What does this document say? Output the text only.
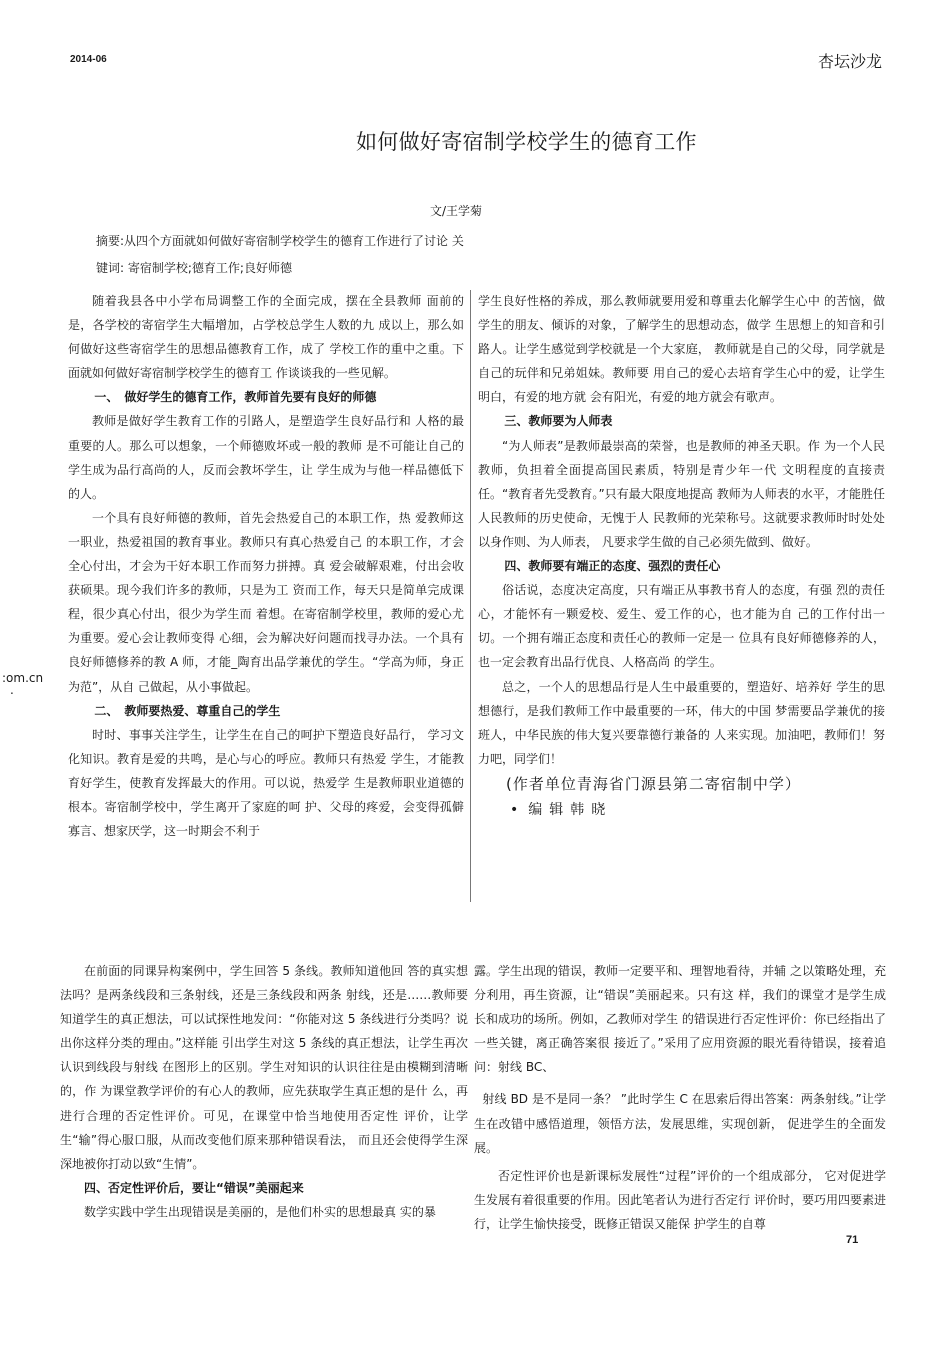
2014-06	杏坛沙龙
如何做好寄宿制学校学生的德育工作
文/王学菊
摘要:从四个方面就如何做好寄宿制学校学生的德育工作进行了讨论 关
键词: 寄宿制学校;德育工作;良好师德

随着我县各中小学布局调整工作的全面完成，摆在全县教师 面前的是，各学校的寄宿学生大幅增加，占学校总学生人数的九 成以上，那么如何做好这些寄宿学生的思想品德教育工作，成了 学校工作的重中之重。下面就如何做好寄宿制学校学生的德育工 作谈谈我的一些见解。

一、　做好学生的德育工作，教师首先要有良好的师德

教师是做好学生教育工作的引路人，是塑造学生良好品行和 人格的最重要的人。那么可以想象，一个师德败坏或一般的教师 是不可能让自己的学生成为品行高尚的人，反而会教坏学生，让 学生成为与他一样品德低下的人。

一个具有良好师德的教师，首先会热爱自己的本职工作，热 爱教师这一职业，热爱祖国的教育事业。教师只有真心热爱自己 的本职工作，才会全心付出，才会为干好本职工作而努力拼搏。真 爱会破解艰难，付出会收获硕果。现今我们许多的教师，只是为工 资而工作，每天只是简单完成课程，很少真心付出，很少为学生而 着想。在寄宿制学校里，教师的爱心尤为重要。爱心会让教师变得 心细，会为解决好问题而找寻办法。一个具有良好师德修养的教 A 师，才能_陶育出品学兼优的学生。“学高为师，身正为范”，从自 己做起，从小事做起。

二、　教师要热爱、尊重自己的学生

时时、事事关注学生，让学生在自己的呵护下塑造良好品行， 学习文化知识。教育是爱的共鸣，是心与心的呼应。教师只有热爱 学生，才能教育好学生，使教育发挥最大的作用。可以说，热爱学 生是教师职业道德的根本。寄宿制学校中，学生离开了家庭的呵 护、父母的疼爱，会变得孤僻寡言、想家厌学，这一时期会不利于

学生良好性格的养成，那么教师就要用爱和尊重去化解学生心中 的苦恼，做学生的朋友、倾诉的对象，了解学生的思想动态，做学 生思想上的知音和引路人。让学生感觉到学校就是一个大家庭， 教师就是自己的父母，同学就是自己的玩伴和兄弟姐妹。教师要 用自己的爱心去培育学生心中的爱，让学生明白，有爱的地方就 会有阳光，有爱的地方就会有歌声。

三、教师要为人师表

“为人师表”是教师最崇高的荣誉，也是教师的神圣天职。作 为一个人民教师，负担着全面提高国民素质，特别是青少年一代 文明程度的直接责任。“教育者先受教育。”只有最大限度地提高 教师为人师表的水平，才能胜任人民教师的历史使命，无愧于人 民教师的光荣称号。这就要求教师时时处处以身作则、为人师表， 凡要求学生做的自己必须先做到、做好。

四、教师要有端正的态度、强烈的责任心

俗话说，态度决定高度，只有端正从事教书育人的态度，有强 烈的责任心，才能怀有一颗爱校、爱生、爱工作的心，也才能为自 己的工作付出一切。一个拥有端正态度和责任心的教师一定是一 位具有良好师德修养的人，也一定会教育出品行优良、人格高尚 的学生。

总之，一个人的思想品行是人生中最重要的，塑造好、培养好 学生的思想德行，是我们教师工作中最重要的一环，伟大的中国 梦需要品学兼优的接班人，中华民族的伟大复兴要靠德行兼备的 人来实现。加油吧，教师们！努力吧，同学们！

(作者单位青海省门源县第二寄宿制中学）

• 编辑韩晓

:om.cn
.

在前面的同课异构案例中，学生回答 5 条线。教师知道他回 答的真实想法吗？是两条线段和三条射线，还是三条线段和两条 射线，还是……教师要知道学生的真正想法，可以试探性地发问：“你能对这 5 条线进行分类吗？说出你这样分类的理由。”这样能 引出学生对这 5 条线的真正想法，让学生再次认识到线段与射线 在图形上的区别。学生对知识的认识往往是由模糊到清晰的，作 为课堂教学评价的有心人的教师，应先获取学生真正想的是什 么，再进行合理的否定性评价。可见，在课堂中恰当地使用否定性 评价，让学生“输”得心服口服，从而改变他们原来那种错误看法， 而且还会使得学生深深地被你打动以致“生情”。

四、否定性评价后，要让“错误”美丽起来

数学实践中学生出现错误是美丽的，是他们朴实的思想最真 实的暴

露。学生出现的错误，教师一定要平和、理智地看待，并辅 之以策略处理，充分利用，再生资源，让“错误”美丽起来。只有这 样，我们的课堂才是学生成长和成功的场所。例如，乙教师对学生 的错误进行否定性评价：你已经指出了一些关键，离正确答案很 接近了。”采用了应用资源的眼光看待错误，接着追问：射线 BC、

射线 BD 是不是同一条？ ”此时学生 C 在思索后得出答案：两条射线。”让学生在改错中感悟道理，领悟方法，发展思维，实现创新， 促进学生的全面发展。

否定性评价也是新课标发展性“过程”评价的一个组成部分， 它对促进学生发展有着很重要的作用。因此笔者认为进行否定行 评价时，要巧用四要素进行，让学生愉快接受，既修正错误又能保 护学生的自尊

71
